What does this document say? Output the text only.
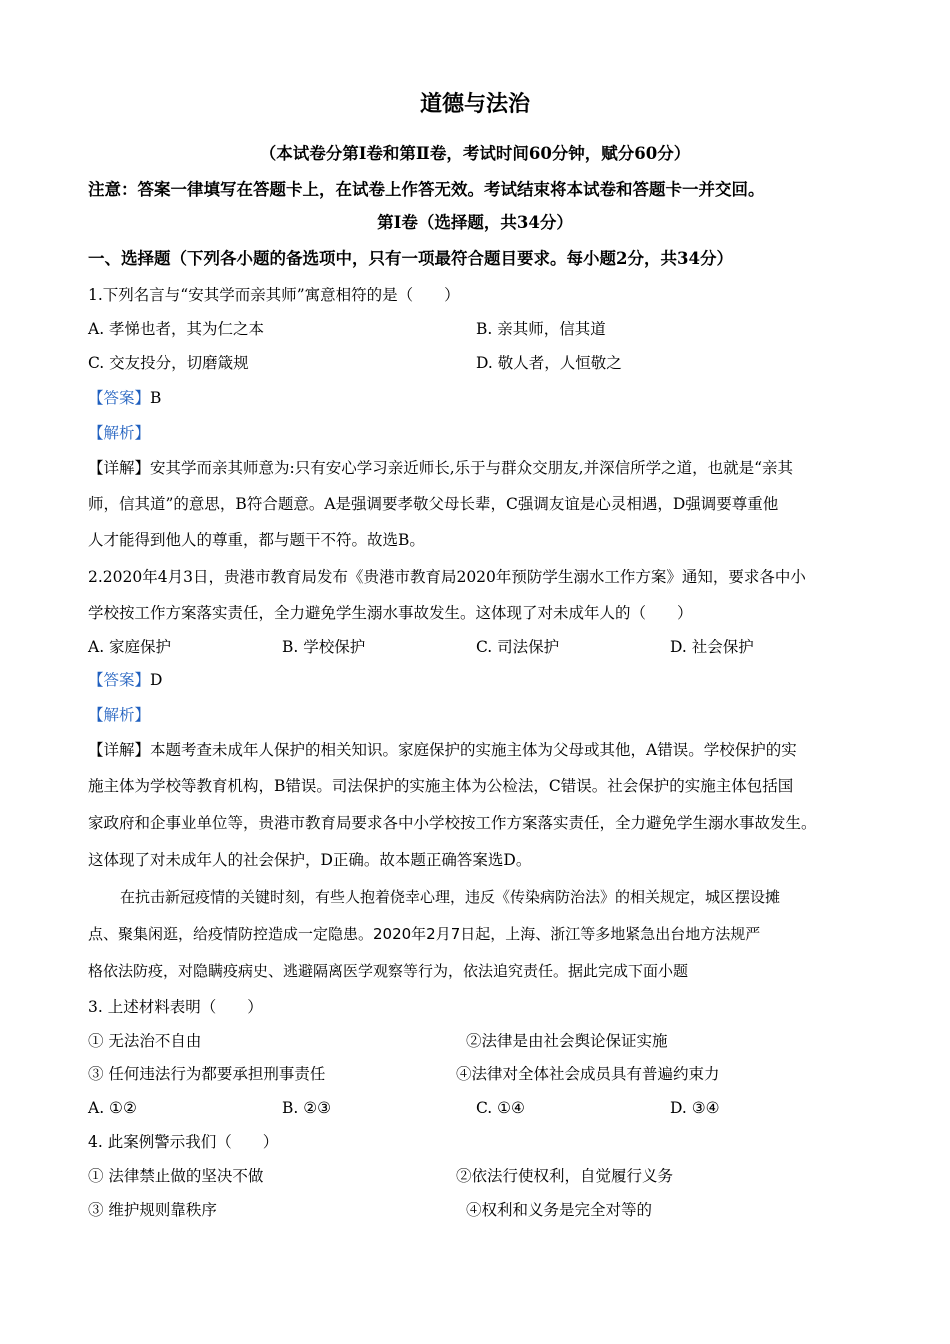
道德与法治
（本试卷分第Ⅰ卷和第Ⅱ卷，考试时间60分钟，赋分60分）
注意：答案一律填写在答题卡上，在试卷上作答无效。考试结束将本试卷和答题卡一并交回。
第Ⅰ卷（选择题，共34分）
一、选择题（下列各小题的备选项中，只有一项最符合题目要求。每小题2分，共34分）
1.下列名言与“安其学而亲其师”寓意相符的是（　　）
A. 孝悌也者，其为仁之本	B. 亲其师，信其道
C. 交友投分，切磨箴规	D. 敬人者，人恒敬之
【答案】B
【解析】
【详解】安其学而亲其师意为:只有安心学习亲近师长,乐于与群众交朋友,并深信所学之道，也就是“亲其
师，信其道”的意思，B符合题意。A是强调要孝敬父母长辈，C强调友谊是心灵相遇，D强调要尊重他
人才能得到他人的尊重，都与题干不符。故选B。
2.2020年4月3日，贵港市教育局发布《贵港市教育局2020年预防学生溺水工作方案》通知，要求各中小
学校按工作方案落实责任，全力避免学生溺水事故发生。这体现了对未成年人的（　　）
A. 家庭保护	B. 学校保护	C. 司法保护	D. 社会保护
【答案】D
【解析】
【详解】本题考查未成年人保护的相关知识。家庭保护的实施主体为父母或其他，A错误。学校保护的实
施主体为学校等教育机构，B错误。司法保护的实施主体为公检法，C错误。社会保护的实施主体包括国
家政府和企事业单位等，贵港市教育局要求各中小学校按工作方案落实责任，全力避免学生溺水事故发生。
这体现了对未成年人的社会保护，D正确。故本题正确答案选D。
在抗击新冠疫情的关键时刻，有些人抱着侥幸心理，违反《传染病防治法》的相关规定，城区摆设摊
点、聚集闲逛，给疫情防控造成一定隐患。2020年2月7日起，上海、浙江等多地紧急出台地方法规严
格依法防疫，对隐瞒疫病史、逃避隔离医学观察等行为，依法追究责任。据此完成下面小题
3. 上述材料表明（　　）
① 无法治不自由	②法律是由社会舆论保证实施
③ 任何违法行为都要承担刑事责任	④法律对全体社会成员具有普遍约束力
A. ①②	B. ②③	C. ①④	D. ③④
4. 此案例警示我们（　　）
① 法律禁止做的坚决不做	②依法行使权利，自觉履行义务
③ 维护规则靠秩序	④权利和义务是完全对等的
